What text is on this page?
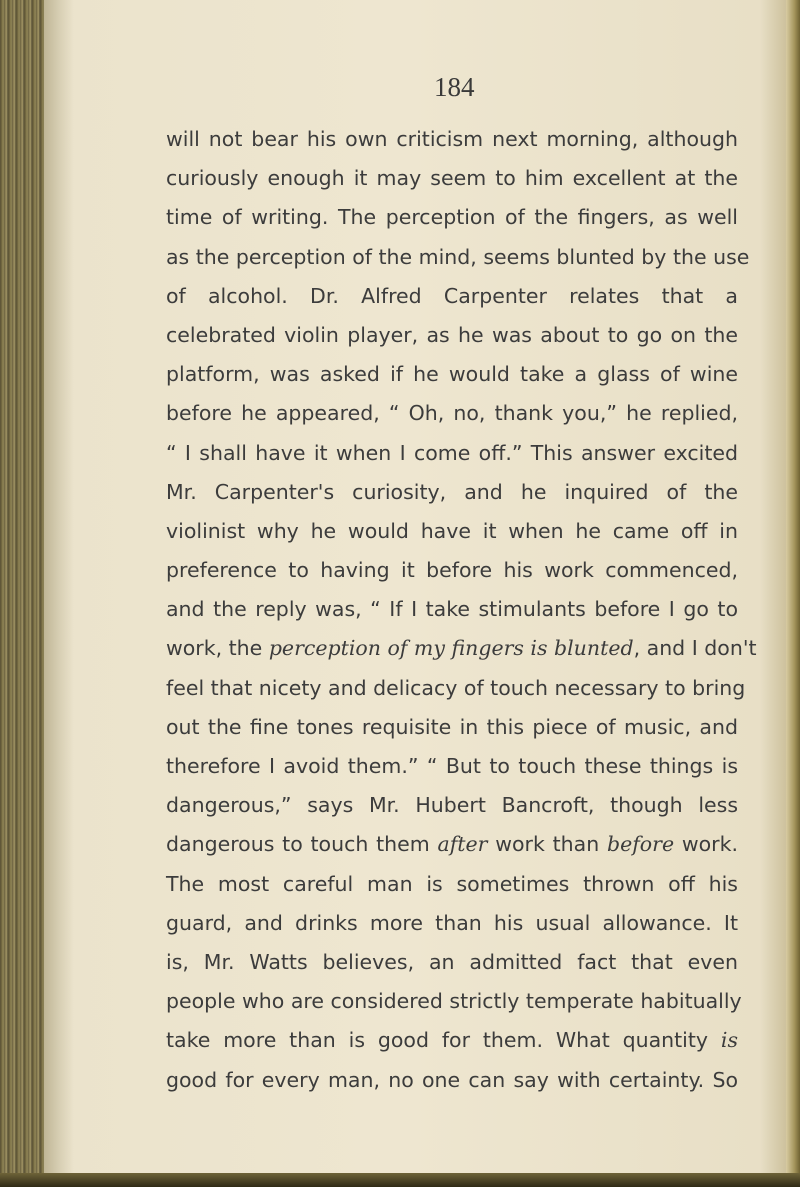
184

will not bear his own criticism next morning, although
curiously enough it may seem to him excellent at the
time of writing. The perception of the fingers, as well
as the perception of the mind, seems blunted by the use
of alcohol. Dr. Alfred Carpenter relates that a
celebrated violin player, as he was about to go on the
platform, was asked if he would take a glass of wine
before he appeared, “ Oh, no, thank you,” he replied,
“ I shall have it when I come off.” This answer excited
Mr. Carpenter's curiosity, and he inquired of the
violinist why he would have it when he came off in
preference to having it before his work commenced,
and the reply was, “ If I take stimulants before I go to
work, the perception of my fingers is blunted, and I don't
feel that nicety and delicacy of touch necessary to bring
out the fine tones requisite in this piece of music, and
therefore I avoid them.” “ But to touch these things is
dangerous,” says Mr. Hubert Bancroft, though less
dangerous to touch them after work than before work.
The most careful man is sometimes thrown off his
guard, and drinks more than his usual allowance. It
is, Mr. Watts believes, an admitted fact that even
people who are considered strictly temperate habitually
take more than is good for them. What quantity is
good for every man, no one can say with certainty. So
